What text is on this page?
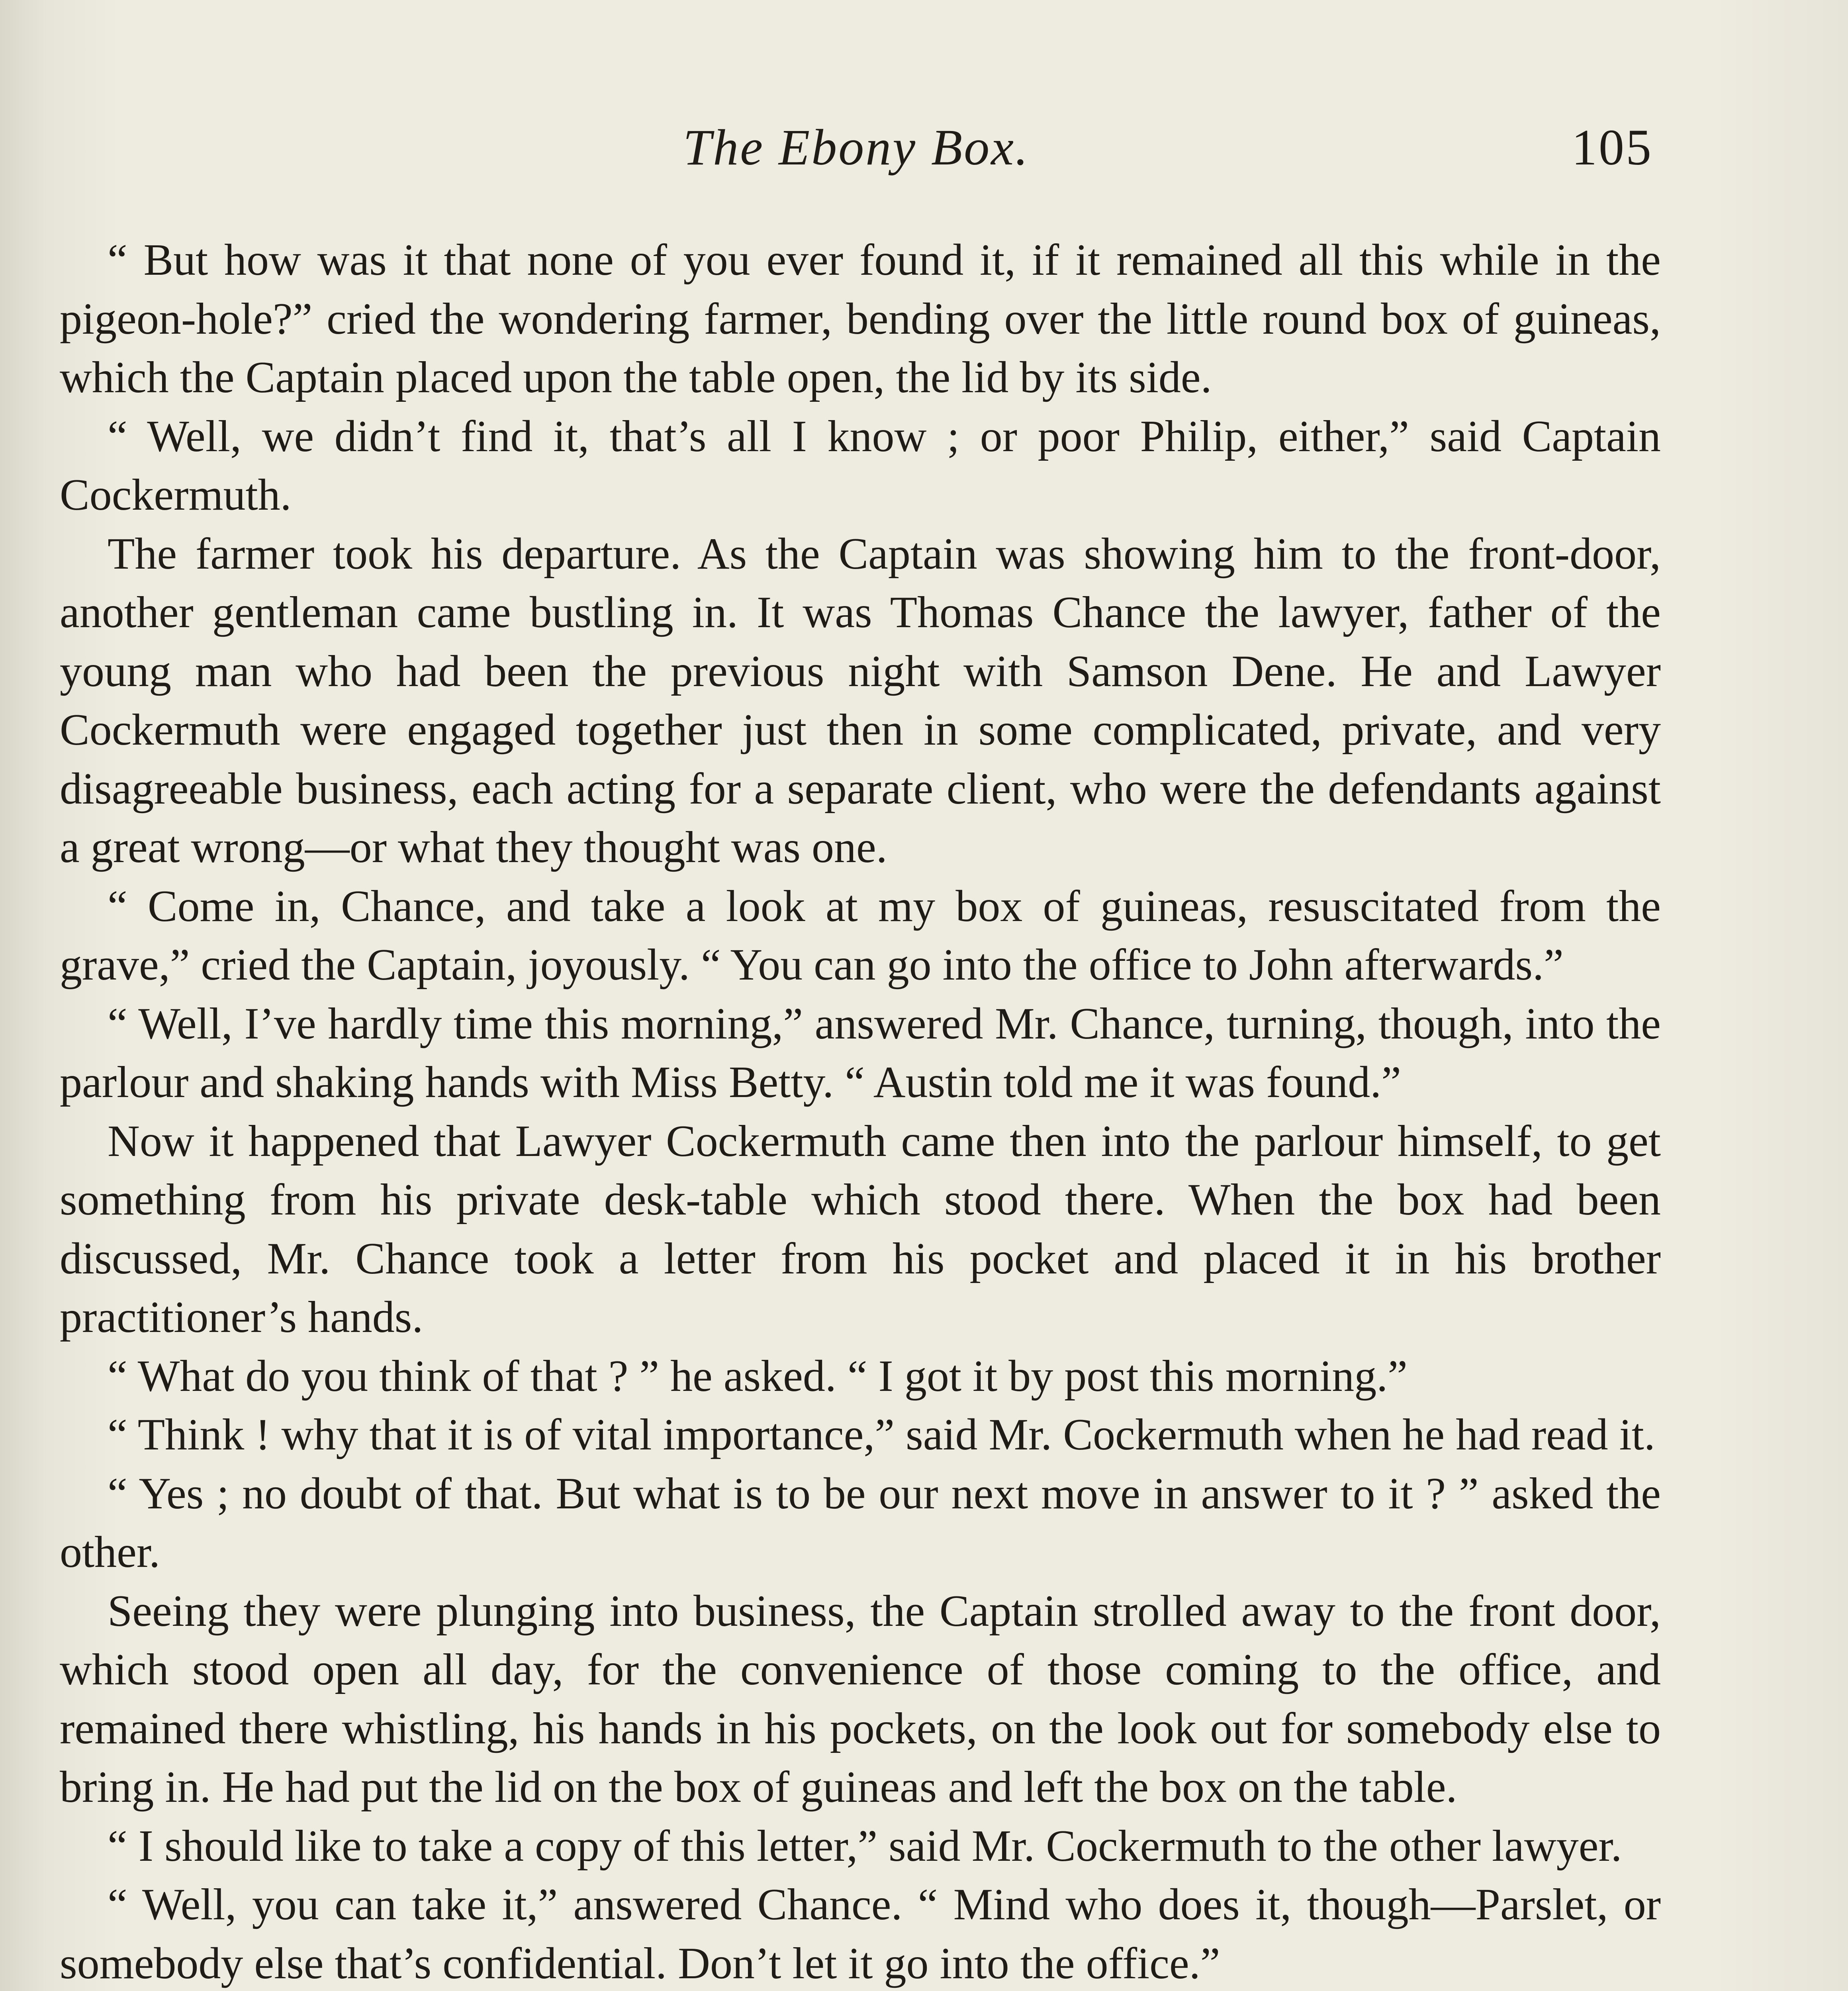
The Ebony Box.	105

“ But how was it that none of you ever found it, if it remained all this while in the pigeon-hole?” cried the wondering farmer, bending over the little round box of guineas, which the Captain placed upon the table open, the lid by its side.

“ Well, we didn’t find it, that’s all I know ; or poor Philip, either,” said Captain Cockermuth.

The farmer took his departure. As the Captain was showing him to the front-door, another gentleman came bustling in. It was Thomas Chance the lawyer, father of the young man who had been the previous night with Samson Dene. He and Lawyer Cockermuth were engaged together just then in some complicated, private, and very disagreeable business, each acting for a separate client, who were the defendants against a great wrong—or what they thought was one.

“ Come in, Chance, and take a look at my box of guineas, resuscitated from the grave,” cried the Captain, joyously. “ You can go into the office to John afterwards.”

“ Well, I’ve hardly time this morning,” answered Mr. Chance, turning, though, into the parlour and shaking hands with Miss Betty. “ Austin told me it was found.”

Now it happened that Lawyer Cockermuth came then into the parlour himself, to get something from his private desk-table which stood there. When the box had been discussed, Mr. Chance took a letter from his pocket and placed it in his brother practitioner’s hands.

“ What do you think of that ? ” he asked. “ I got it by post this morning.”

“ Think ! why that it is of vital importance,” said Mr. Cockermuth when he had read it.

“ Yes ; no doubt of that. But what is to be our next move in answer to it ? ” asked the other.

Seeing they were plunging into business, the Captain strolled away to the front door, which stood open all day, for the convenience of those coming to the office, and remained there whistling, his hands in his pockets, on the look out for somebody else to bring in. He had put the lid on the box of guineas and left the box on the table.

“ I should like to take a copy of this letter,” said Mr. Cockermuth to the other lawyer.

“ Well, you can take it,” answered Chance. “ Mind who does it, though—Parslet, or somebody else that’s confidential. Don’t let it go into the office.”
